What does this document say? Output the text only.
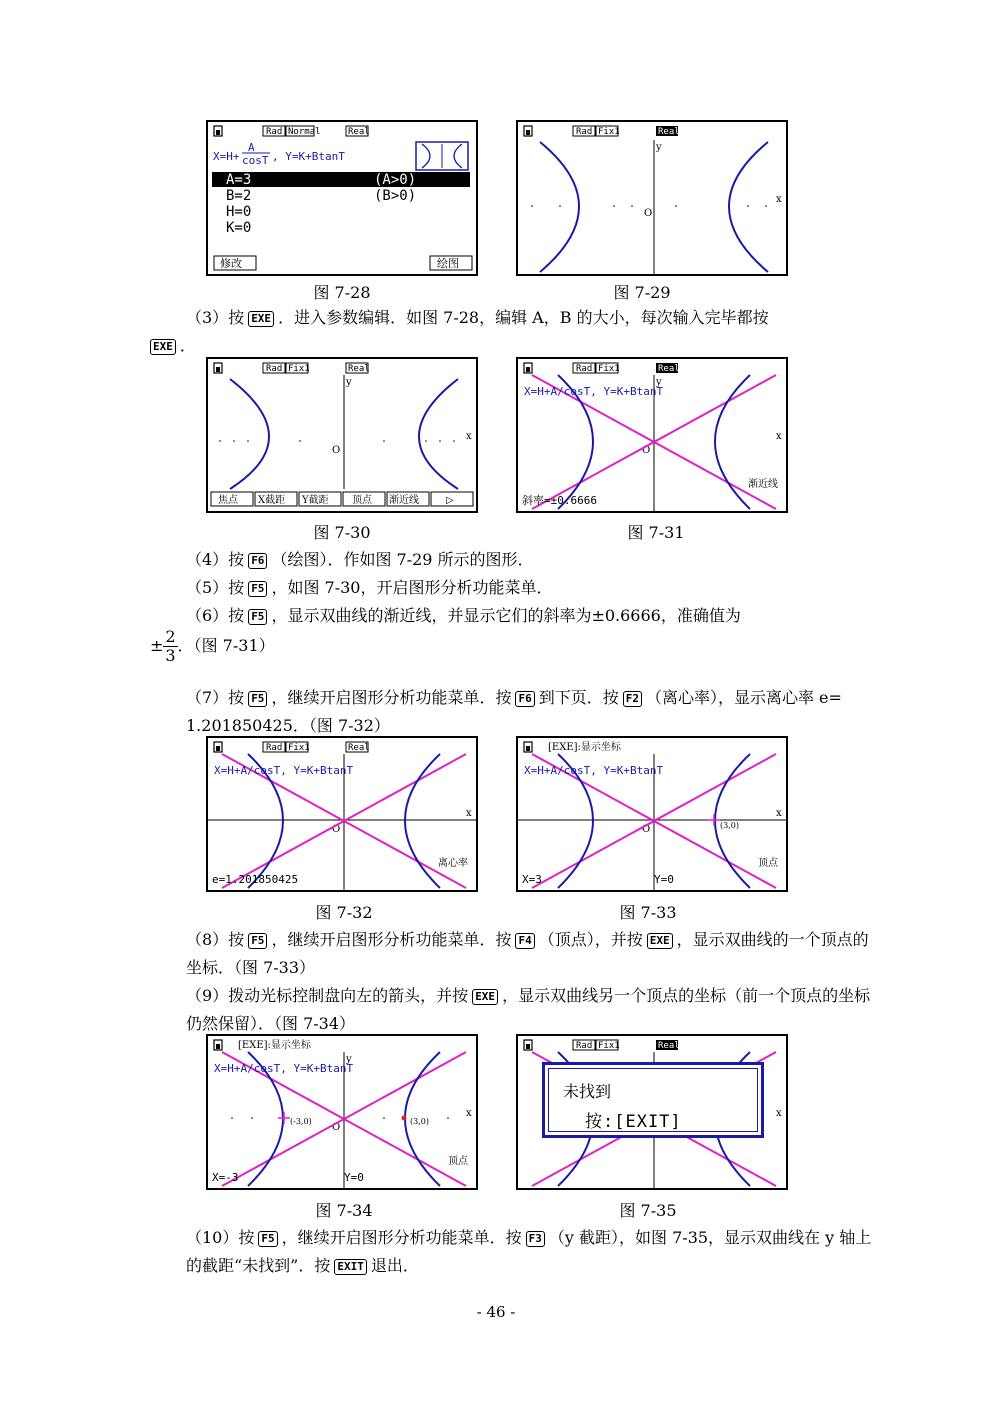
Rad Normal	Real
X=H+
A
cosT , Y=K+BtanT
A=3	(A>0)
B=2	(B>0)
H=0
K=0
修改	绘图
Rad Fix1	Real
y
x
O
图 7-28	图 7-29
（3）按 EXE ．进入参数编辑．如图 7-28，编辑 A，B 的大小，每次输入完毕都按
EXE ．
Rad Fix1	Real
y
x
O
焦点 X截距 Y截距 顶点 渐近线	▷
Rad Fix1	Real
y
x
O
X=H+A/cosT, Y=K+BtanT
渐近线
斜率=±0.6666
图 7-30	图 7-31
（4）按 F6 （绘图）．作如图 7-29 所示的图形．
（5）按 F5 ，如图 7-30，开启图形分析功能菜单．
（6）按 F5 ，显示双曲线的渐近线，并显示它们的斜率为±0.6666，准确值为
± $\frac{2}{3}$ ．（图 7-31）
（7）按 F5 ，继续开启图形分析功能菜单．按 F6 到下页．按 F2 （离心率），显示离心率 e= 1.201850425．（图 7-32）
Rad Fix1	Real
x
O
X=H+A/cosT, Y=K+BtanT
离心率
e=1.201850425
[EXE]:显示坐标
x
O	(3,0)
X=H+A/cosT, Y=K+BtanT
顶点
X=3	Y=0
图 7-32	图 7-33
（8）按 F5 ，继续开启图形分析功能菜单．按 F4 （顶点），并按 EXE ，显示双曲线的一个顶点的坐标．（图 7-33）
（9）拨动光标控制盘向左的箭头，并按 EXE ，显示双曲线另一个顶点的坐标（前一个顶点的坐标仍然保留）．（图 7-34）
[EXE]:显示坐标
y
x
O
(-3,0)	(3,0)
X=H+A/cosT, Y=K+BtanT
顶点
X=-3	Y=0
Rad Fix1	Real
x
未找到
按:[EXIT]
图 7-34	图 7-35
（10）按 F5 ，继续开启图形分析功能菜单．按 F3 （y 截距），如图 7-35，显示双曲线在 y 轴上的截距“未找到”．按 EXIT 退出．
- 46 -
